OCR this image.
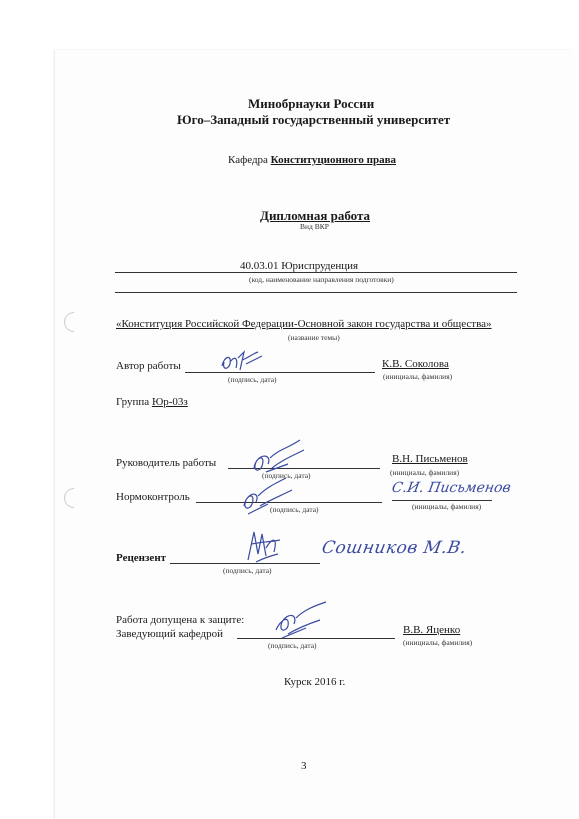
Минобрнауки России
Юго–Западный государственный университет
Кафедра Конституционного права
Дипломная работа
Вид ВКР
40.03.01 Юриспруденция
(код, наименование направления подготовки)
«Конституция Российской Федерации-Основной закон государства и общества»
(название темы)
Автор работы
(подпись, дата)
К.В. Соколова
(инициалы, фамилия)
Группа Юр-03з
Руководитель работы
(подпись, дата)
В.Н. Письменов
(инициалы, фамилия)
Нормоконтроль
(подпись, дата)	(инициалы, фамилия)
С.И. Письменов
Рецензент
(подпись, дата)
Сошников М.В.
Работа допущена к защите:
Заведующий кафедрой
(подпись, дата)
В.В. Яценко
(инициалы, фамилия)
Курск 2016 г.
3
